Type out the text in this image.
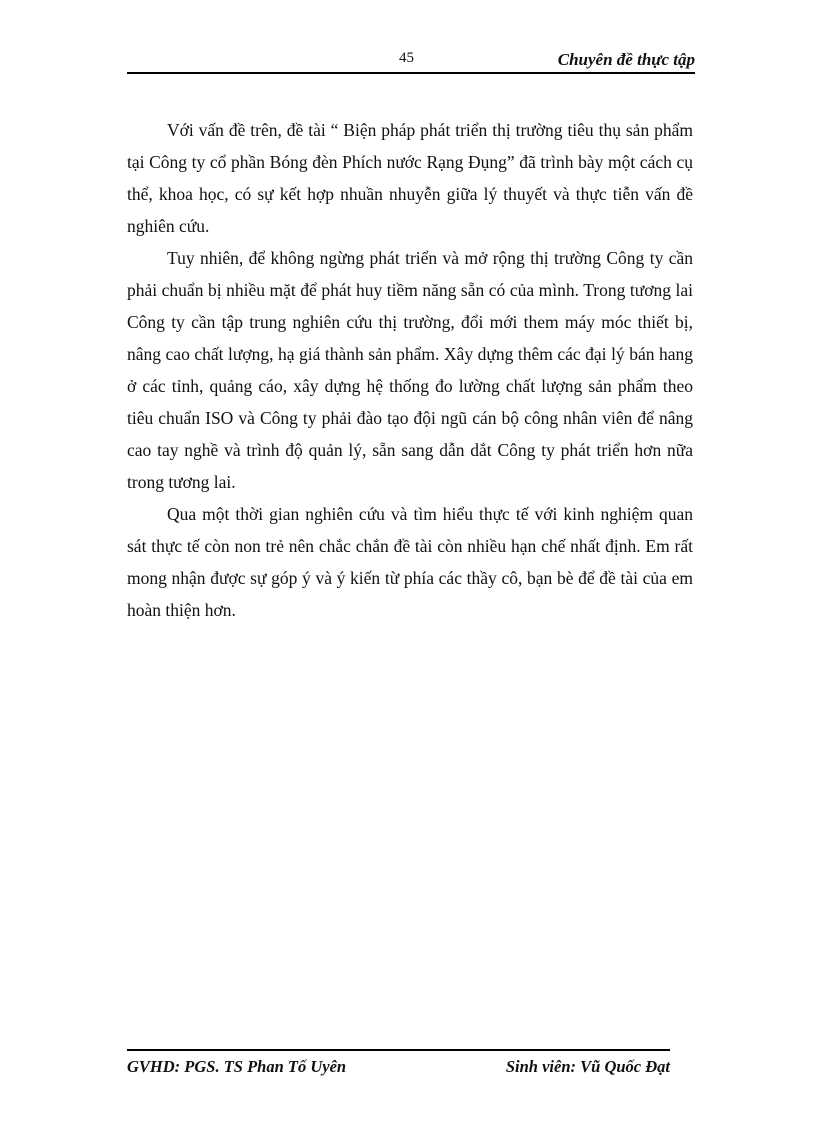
45	Chuyên đề thực tập

Với vấn đề trên, đề tài “ Biện pháp phát triển thị trường tiêu thụ sản phẩm tại Công ty cổ phần Bóng đèn Phích nước Rạng Đụng” đã trình bày một cách cụ thể, khoa học, có sự kết hợp nhuần nhuyễn giữa lý thuyết và thực tiễn vấn đề nghiên cứu.

Tuy nhiên, để không ngừng phát triển và mở rộng thị trường Công ty cần phải chuẩn bị nhiều mặt để phát huy tiềm năng sẵn có của mình. Trong tương lai Công ty cần tập trung nghiên cứu thị trường, đổi mới them máy móc thiết bị, nâng cao chất lượng, hạ giá thành sản phẩm. Xây dựng thêm các đại lý bán hang ở các tỉnh, quảng cáo, xây dựng hệ thống đo lường chất lượng sản phẩm theo tiêu chuẩn ISO và Công ty phải đào tạo đội ngũ cán bộ công nhân viên để nâng cao tay nghề và trình độ quản lý, sẵn sang dẫn dắt Công ty phát triển hơn nữa trong tương lai.

Qua một thời gian nghiên cứu và tìm hiểu thực tế với kinh nghiệm quan sát thực tế còn non trẻ nên chắc chắn đề tài còn nhiều hạn chế nhất định. Em rất mong nhận được sự góp ý và ý kiến từ phía các thầy cô, bạn bè để đề tài của em hoàn thiện hơn.

GVHD: PGS. TS Phan Tố Uyên	Sinh viên: Vũ Quốc Đạt
